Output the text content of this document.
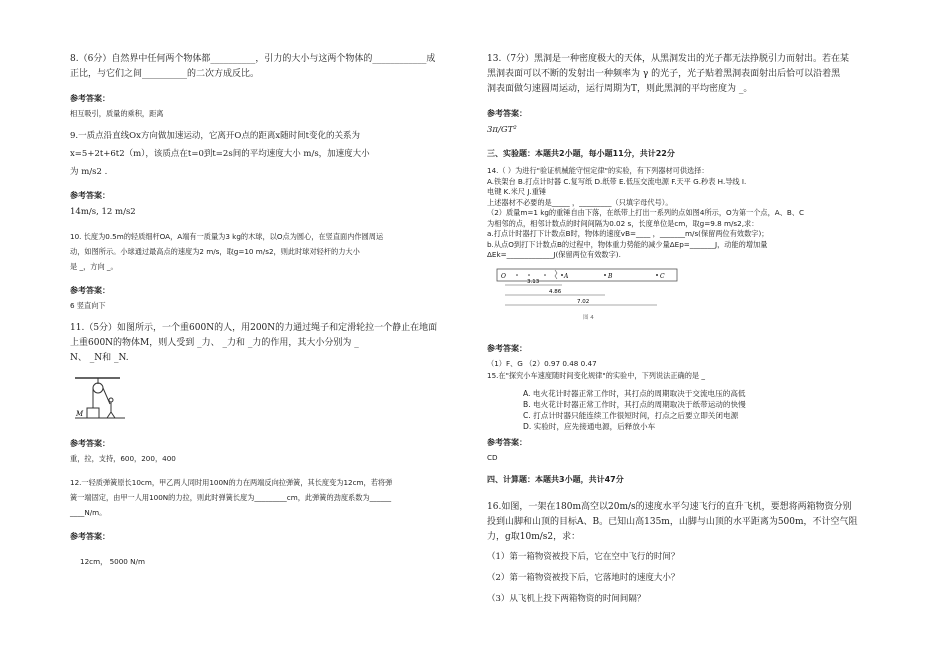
8.（6分）自然界中任何两个物体都__________，引力的大小与这两个物体的____________成
正比，与它们之间__________的二次方成反比。
参考答案：
相互吸引，质量的乘积，距离
9.一质点沿直线Ox方向做加速运动，它离开O点的距离x随时间t变化的关系为
x=5+2t+6t2（m），该质点在t=0到t=2s间的平均速度大小 m/s，加速度大小
为 m/s2 .
参考答案：
14m/s, 12 m/s2
10. 长度为0.5m的轻质细杆OA，A端有一质量为3 kg的木球，以O点为圆心，在竖直面内作圆周运
动，如图所示。小球通过最高点的速度为2 m/s，取g=10 m/s2，则此时球对轻杆的力大小
是 _，方向 _。
参考答案：
6 竖直向下
11.（5分）如图所示，一个重600N的人，用200N的力通过绳子和定滑轮拉一个静止在地面
上重600N的物体M，则人受到 _力、 _力和 _力的作用，其大小分别为 _
N、 _N和 _N.
M
参考答案：
重，拉，支持，600，200，400
12.一轻质弹簧原长10cm，甲乙两人同时用100N的力在两端反向拉弹簧，其长度变为12cm，若将弹
簧一端固定，由甲一人用100N的力拉，则此时弹簧长度为_________cm，此弹簧的劲度系数为______
____N/m。
参考答案：
12cm， 5000 N/m
13.（7分）黑洞是一种密度极大的天体，从黑洞发出的光子都无法挣脱引力而射出。若在某
黑洞表面可以不断的发射出一种频率为 γ 的光子，光子贴着黑洞表面射出后恰可以沿着黑
洞表面做匀速圆周运动，运行周期为T，则此黑洞的平均密度为 _。
参考答案：
3π/GT²
三、实验题：本题共2小题，每小题11分，共计22分
14.（ ）为进行"验证机械能守恒定律"的实验，有下列器材可供选择：
A.铁架台 B.打点计时器 C.复写纸 D.纸带 E.低压交流电源 F.天平 G.秒表 H.导线 I.
电键 K.米尺 J.重锤
上述器材不必要的是_____ ，_________（只填字母代号）。
（2）质量m=1 kg的重锤自由下落，在纸带上打出一系列的点如图4所示，O为第一个点，A、B、C
为相邻的点，相邻计数点的时间间隔为0.02 s，长度单位是cm，取g=9.8 m/s2,求：
a.打点计时器打下计数点B时，物体的速度vB=____ ，_______m/s(保留两位有效数字)；
b.从点O到打下计数点B的过程中，物体重力势能的减少量ΔEp=_______J，动能的增加量
ΔEk=_____________J(保留两位有效数字).
O	A	B	C
3.13
4.86
7.02
图 4
参考答案：
（1）F、G （2）0.97 0.48 0.47
15.在"探究小车速度随时间变化规律"的实验中，下列说法正确的是 _
A. 电火花计时器正常工作时，其打点的周期取决于交流电压的高低
B. 电火花计时器正常工作时，其打点的周期取决于纸带运动的快慢
C. 打点计时器只能连续工作很短时间，打点之后要立即关闭电源
D. 实验时，应先接通电源，后释放小车
参考答案：
CD
四、计算题：本题共3小题，共计47分
16.如图，一架在180m高空以20m/s的速度水平匀速飞行的直升飞机，要想将两箱物资分别
投到山脚和山顶的目标A、B。已知山高135m，山脚与山顶的水平距离为500m，不计空气阻
力，g取10m/s2，求：
（1）第一箱物资被投下后，它在空中飞行的时间？
（2）第一箱物资被投下后，它落地时的速度大小？
（3）从飞机上投下两箱物资的时间间隔？
